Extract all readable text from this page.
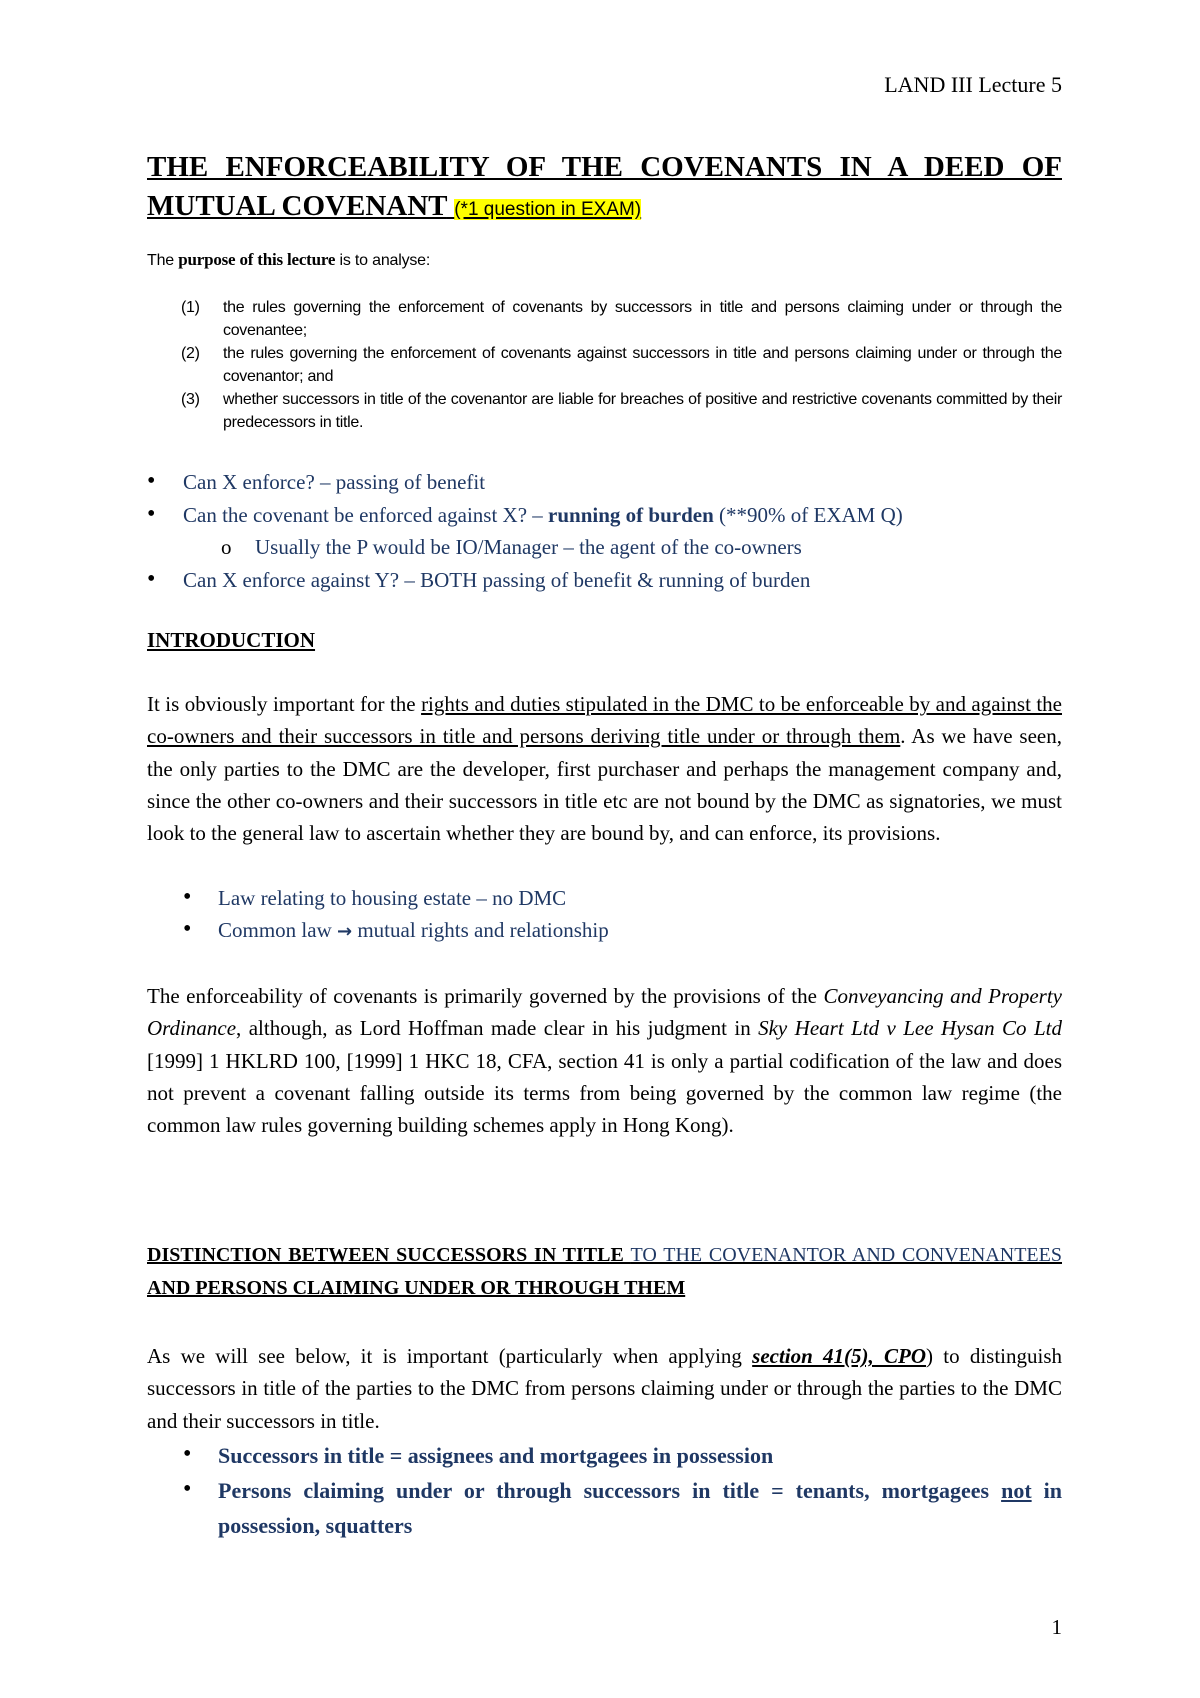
LAND III Lecture 5

THE ENFORCEABILITY OF THE COVENANTS IN A DEED OF MUTUAL COVENANT (*1 question in EXAM)

The purpose of this lecture is to analyse:

(1) the rules governing the enforcement of covenants by successors in title and persons claiming under or through the covenantee;
(2) the rules governing the enforcement of covenants against successors in title and persons claiming under or through the covenantor; and
(3) whether successors in title of the covenantor are liable for breaches of positive and restrictive covenants committed by their predecessors in title.
• Can X enforce? – passing of benefit
• Can the covenant be enforced against X? – running of burden (**90% of EXAM Q)
o Usually the P would be IO/Manager – the agent of the co-owners
• Can X enforce against Y? – BOTH passing of benefit & running of burden
INTRODUCTION

It is obviously important for the rights and duties stipulated in the DMC to be enforceable by and against the co-owners and their successors in title and persons deriving title under or through them. As we have seen, the only parties to the DMC are the developer, first purchaser and perhaps the management company and, since the other co-owners and their successors in title etc are not bound by the DMC as signatories, we must look to the general law to ascertain whether they are bound by, and can enforce, its provisions.

• Law relating to housing estate – no DMC
• Common law → mutual rights and relationship

The enforceability of covenants is primarily governed by the provisions of the Conveyancing and Property Ordinance, although, as Lord Hoffman made clear in his judgment in Sky Heart Ltd v Lee Hysan Co Ltd [1999] 1 HKLRD 100, [1999] 1 HKC 18, CFA, section 41 is only a partial codification of the law and does not prevent a covenant falling outside its terms from being governed by the common law regime (the common law rules governing building schemes apply in Hong Kong).

DISTINCTION BETWEEN SUCCESSORS IN TITLE TO THE COVENANTOR AND CONVENANTEES AND PERSONS CLAIMING UNDER OR THROUGH THEM

As we will see below, it is important (particularly when applying section 41(5), CPO) to distinguish successors in title of the parties to the DMC from persons claiming under or through the parties to the DMC and their successors in title.

• Successors in title = assignees and mortgagees in possession
• Persons claiming under or through successors in title = tenants, mortgagees not in possession, squatters

1
